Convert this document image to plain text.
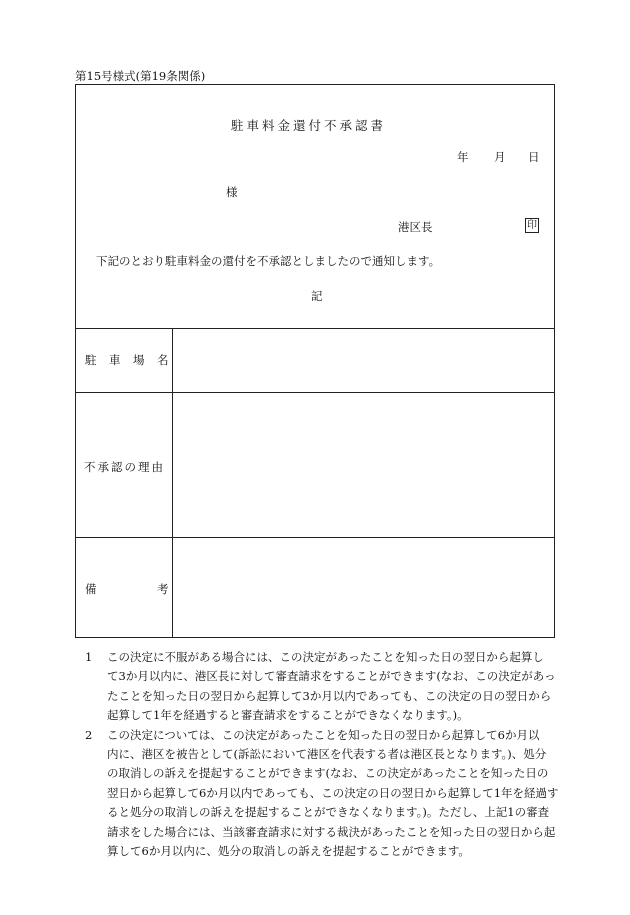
第15号様式(第19条関係)
駐車料金還付不承認書
年 月 日
様
港区長	印
下記のとおり駐車料金の還付を不承認としましたので通知します。
記
駐 車 場 名
不承認の理由
備	考
1	この決定に不服がある場合には、この決定があったことを知った日の翌日から起算し
て3か月以内に、港区長に対して審査請求をすることができます(なお、この決定があっ
たことを知った日の翌日から起算して3か月以内であっても、この決定の日の翌日から
起算して1年を経過すると審査請求をすることができなくなります。)。
2	この決定については、この決定があったことを知った日の翌日から起算して6か月以
内に、港区を被告として(訴訟において港区を代表する者は港区長となります。)、処分
の取消しの訴えを提起することができます(なお、この決定があったことを知った日の
翌日から起算して6か月以内であっても、この決定の日の翌日から起算して1年を経過す
ると処分の取消しの訴えを提起することができなくなります。)。ただし、上記1の審査
請求をした場合には、当該審査請求に対する裁決があったことを知った日の翌日から起
算して6か月以内に、処分の取消しの訴えを提起することができます。
